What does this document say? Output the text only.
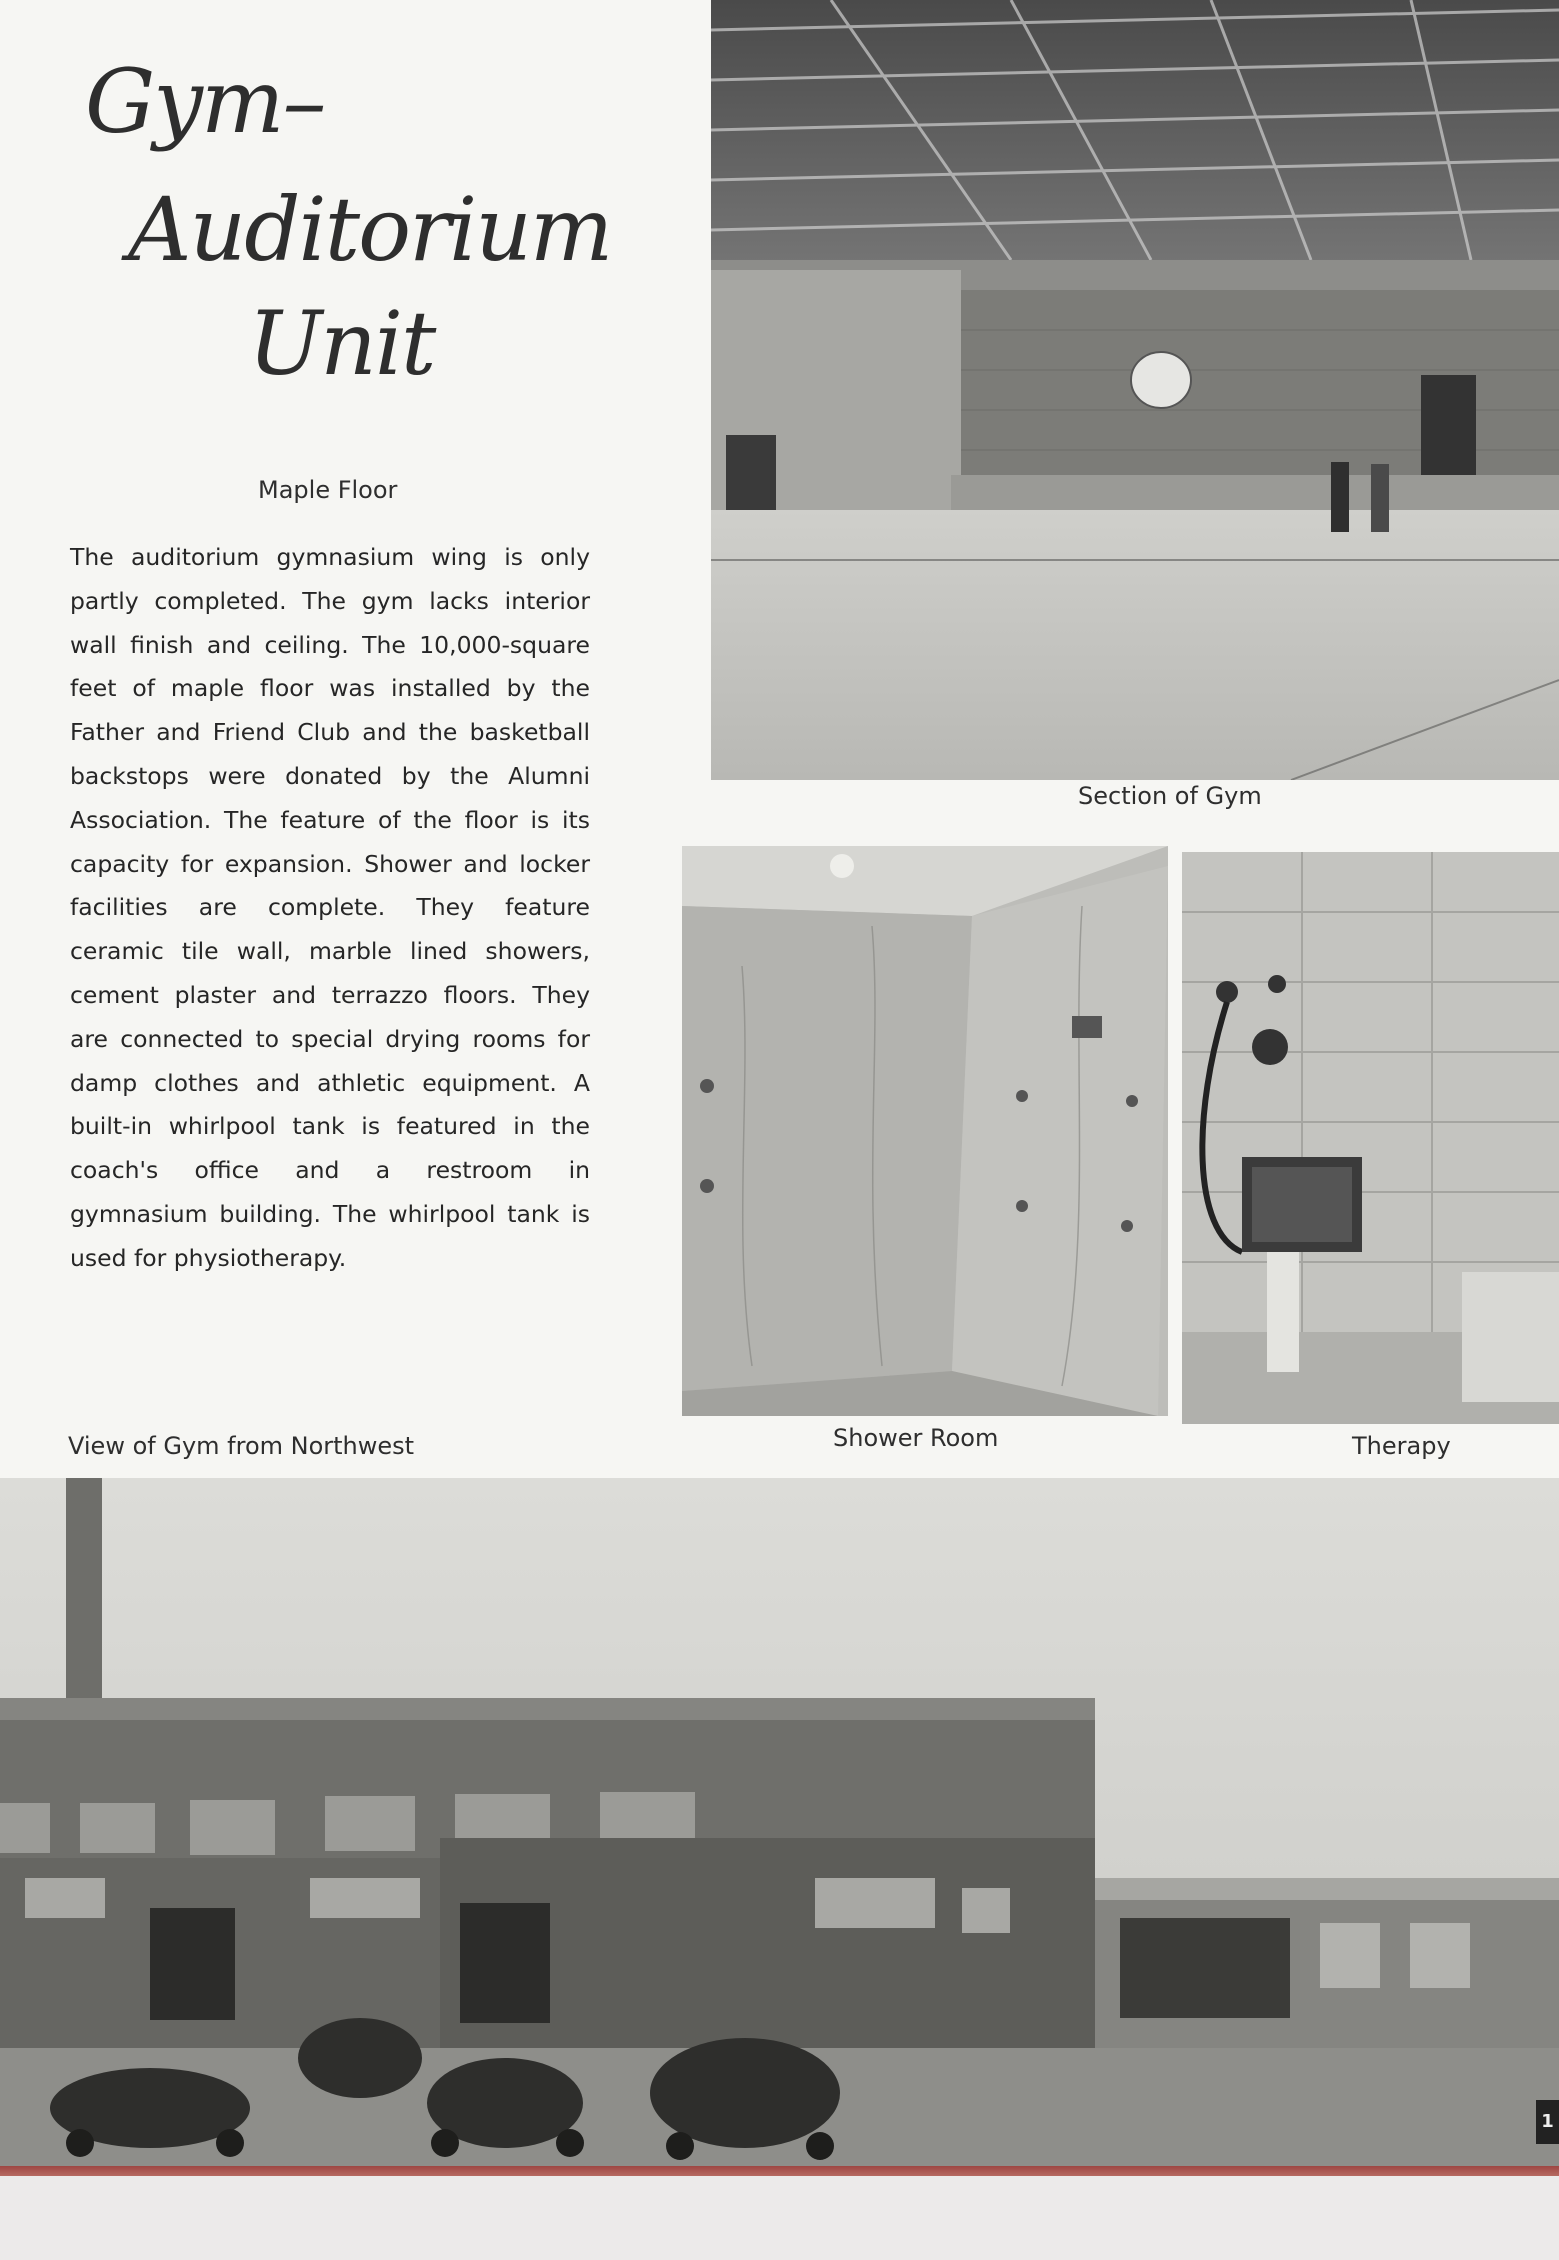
Gym–
Auditorium
Unit
Maple Floor

The auditorium gymnasium wing is only partly completed. The gym lacks interior wall finish and ceiling. The 10,000-square feet of maple floor was installed by the Father and Friend Club and the basketball backstops were donated by the Alumni Association. The feature of the floor is its capacity for expansion. Shower and locker facilities are complete. They feature ceramic tile wall, marble lined showers, cement plaster and terrazzo floors. They are connected to special drying rooms for damp clothes and athletic equipment. A built-in whirlpool tank is featured in the coach's office and a restroom in gymnasium building. The whirlpool tank is used for physiotherapy.

Section of Gym
Shower Room	Therapy
View of Gym from Northwest
1
